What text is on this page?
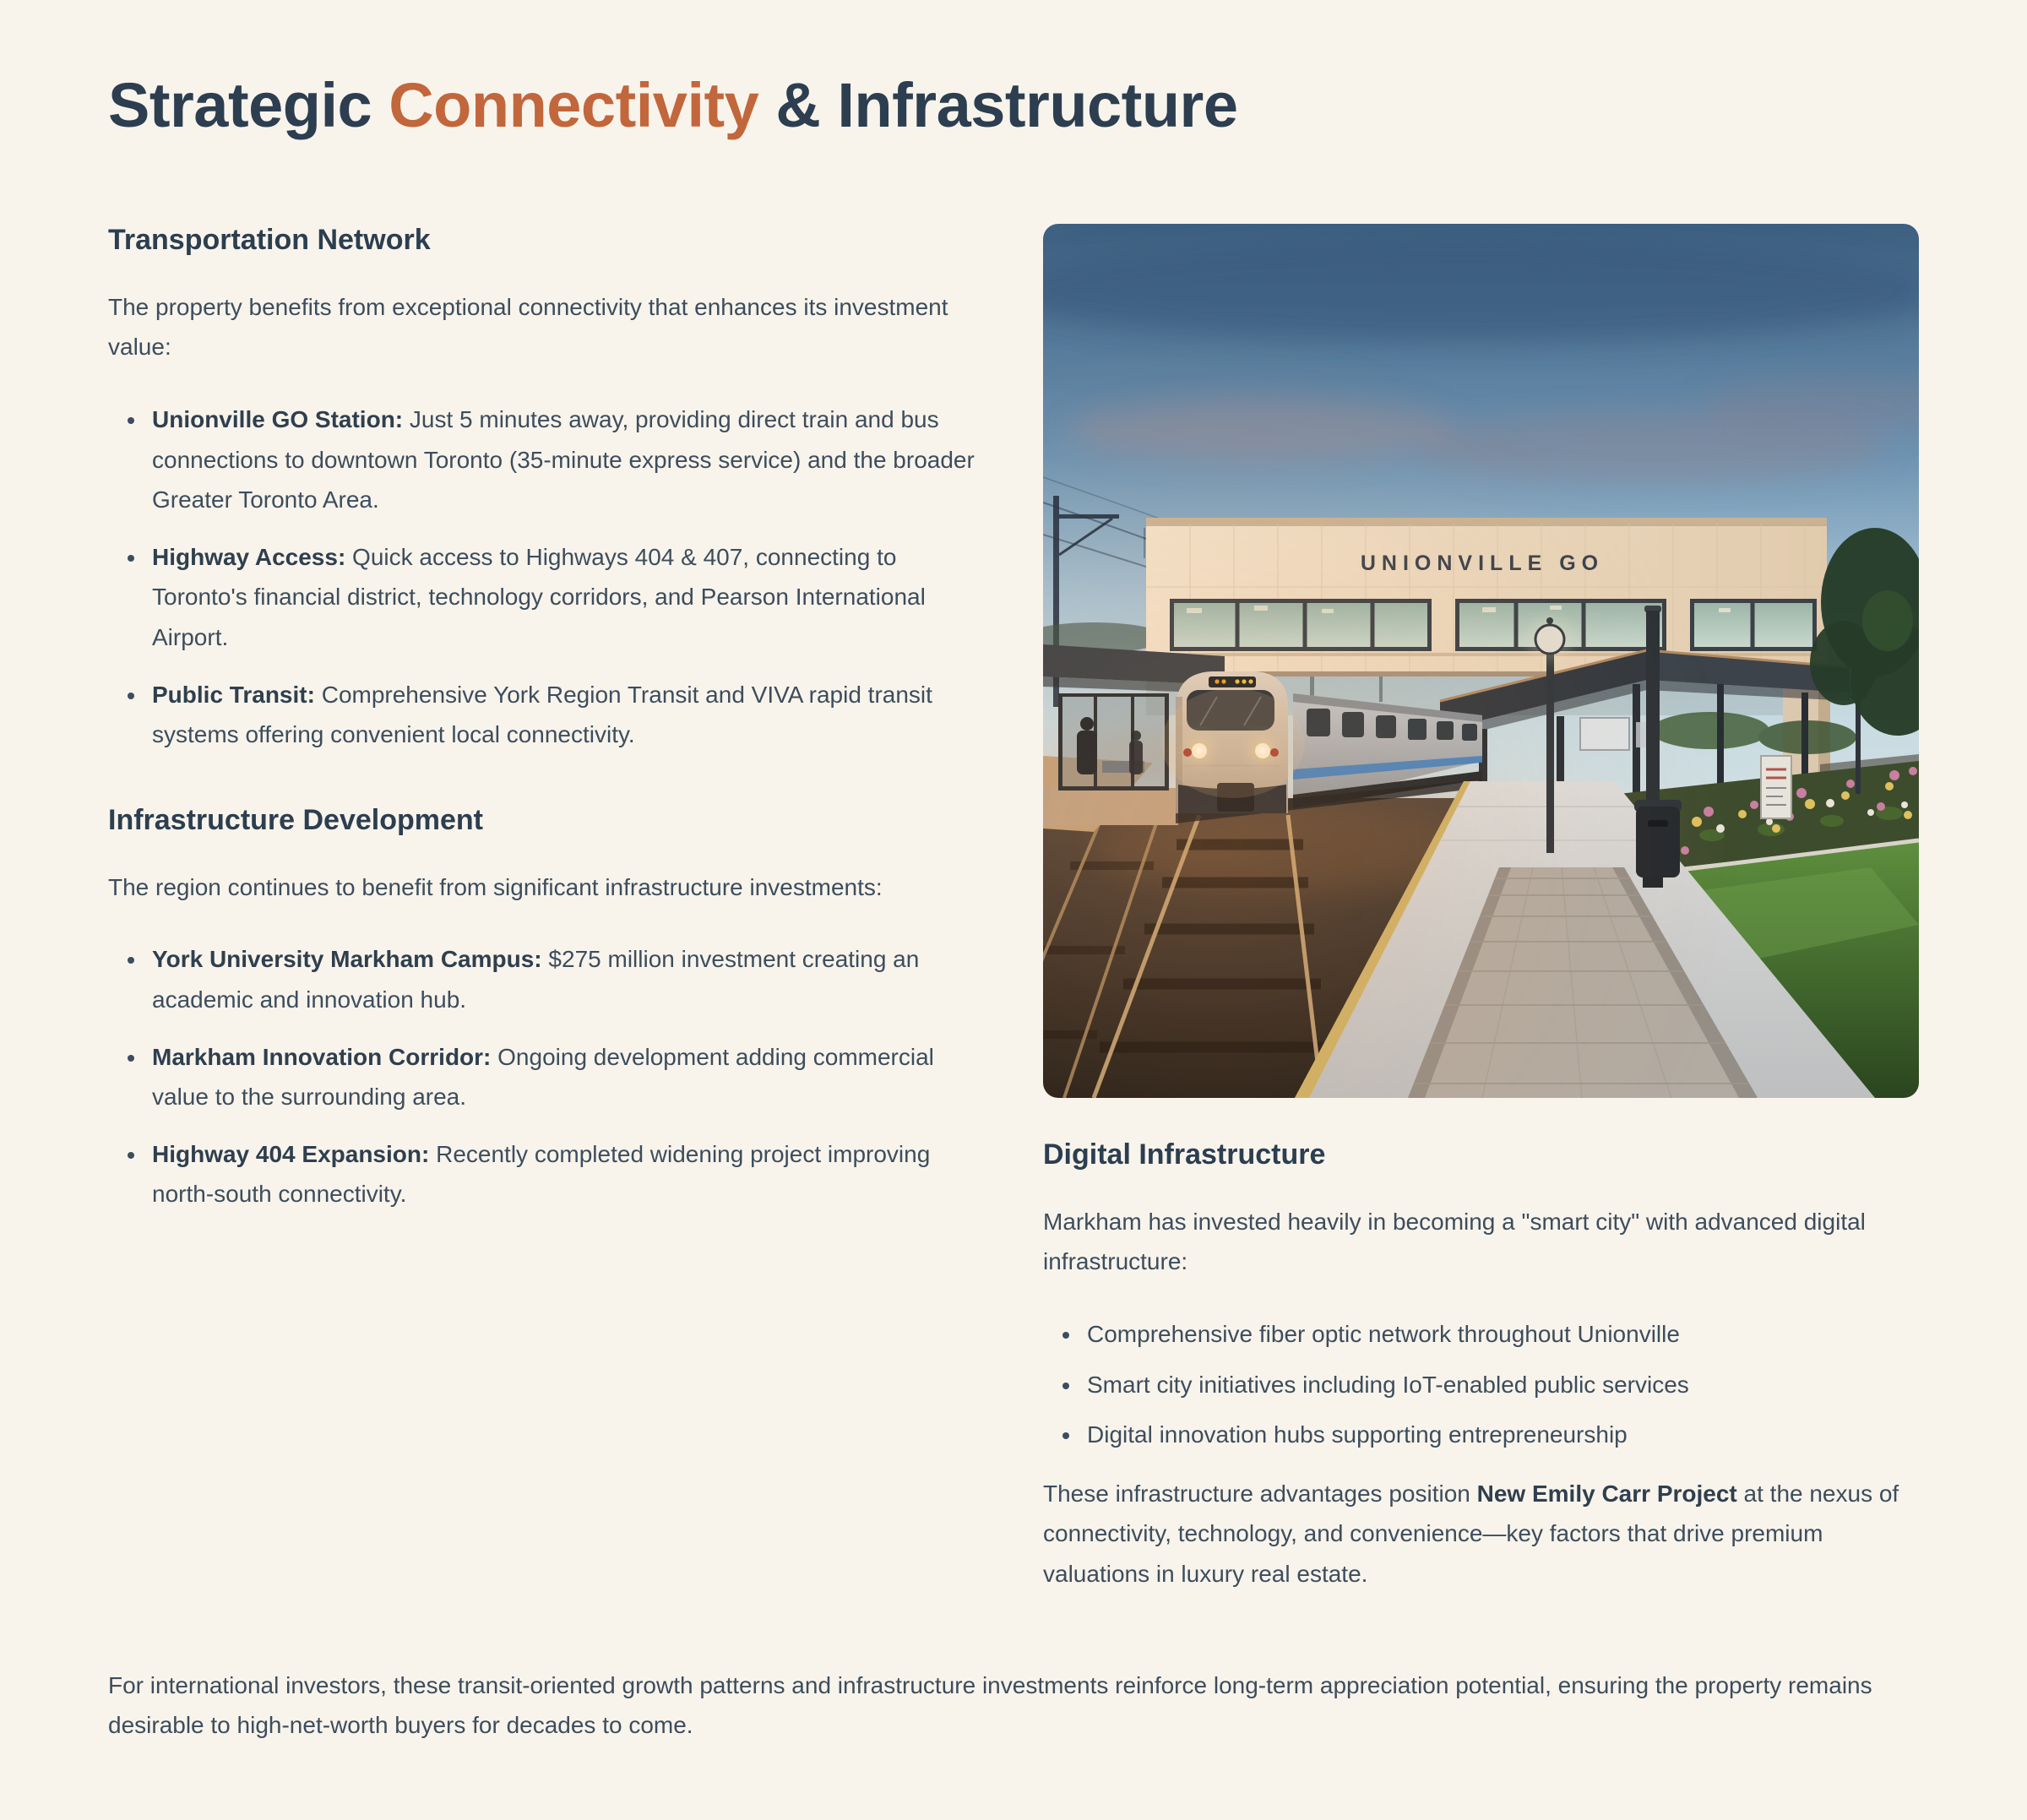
Strategic Connectivity & Infrastructure
Transportation Network

The property benefits from exceptional connectivity that enhances its investment value:

• Unionville GO Station: Just 5 minutes away, providing direct train and bus connections to downtown Toronto (35-minute express service) and the broader Greater Toronto Area.
• Highway Access: Quick access to Highways 404 & 407, connecting to Toronto's financial district, technology corridors, and Pearson International Airport.
• Public Transit: Comprehensive York Region Transit and VIVA rapid transit systems offering convenient local connectivity.
Infrastructure Development

The region continues to benefit from significant infrastructure investments:

• York University Markham Campus: $275 million investment creating an academic and innovation hub.
• Markham Innovation Corridor: Ongoing development adding commercial value to the surrounding area.
• Highway 404 Expansion: Recently completed widening project improving north-south connectivity.
Digital Infrastructure

Markham has invested heavily in becoming a "smart city" with advanced digital infrastructure:

• Comprehensive fiber optic network throughout Unionville
• Smart city initiatives including IoT-enabled public services
• Digital innovation hubs supporting entrepreneurship

These infrastructure advantages position New Emily Carr Project at the nexus of connectivity, technology, and convenience—key factors that drive premium valuations in luxury real estate.

For international investors, these transit-oriented growth patterns and infrastructure investments reinforce long-term appreciation potential, ensuring the property remains desirable to high-net-worth buyers for decades to come.
